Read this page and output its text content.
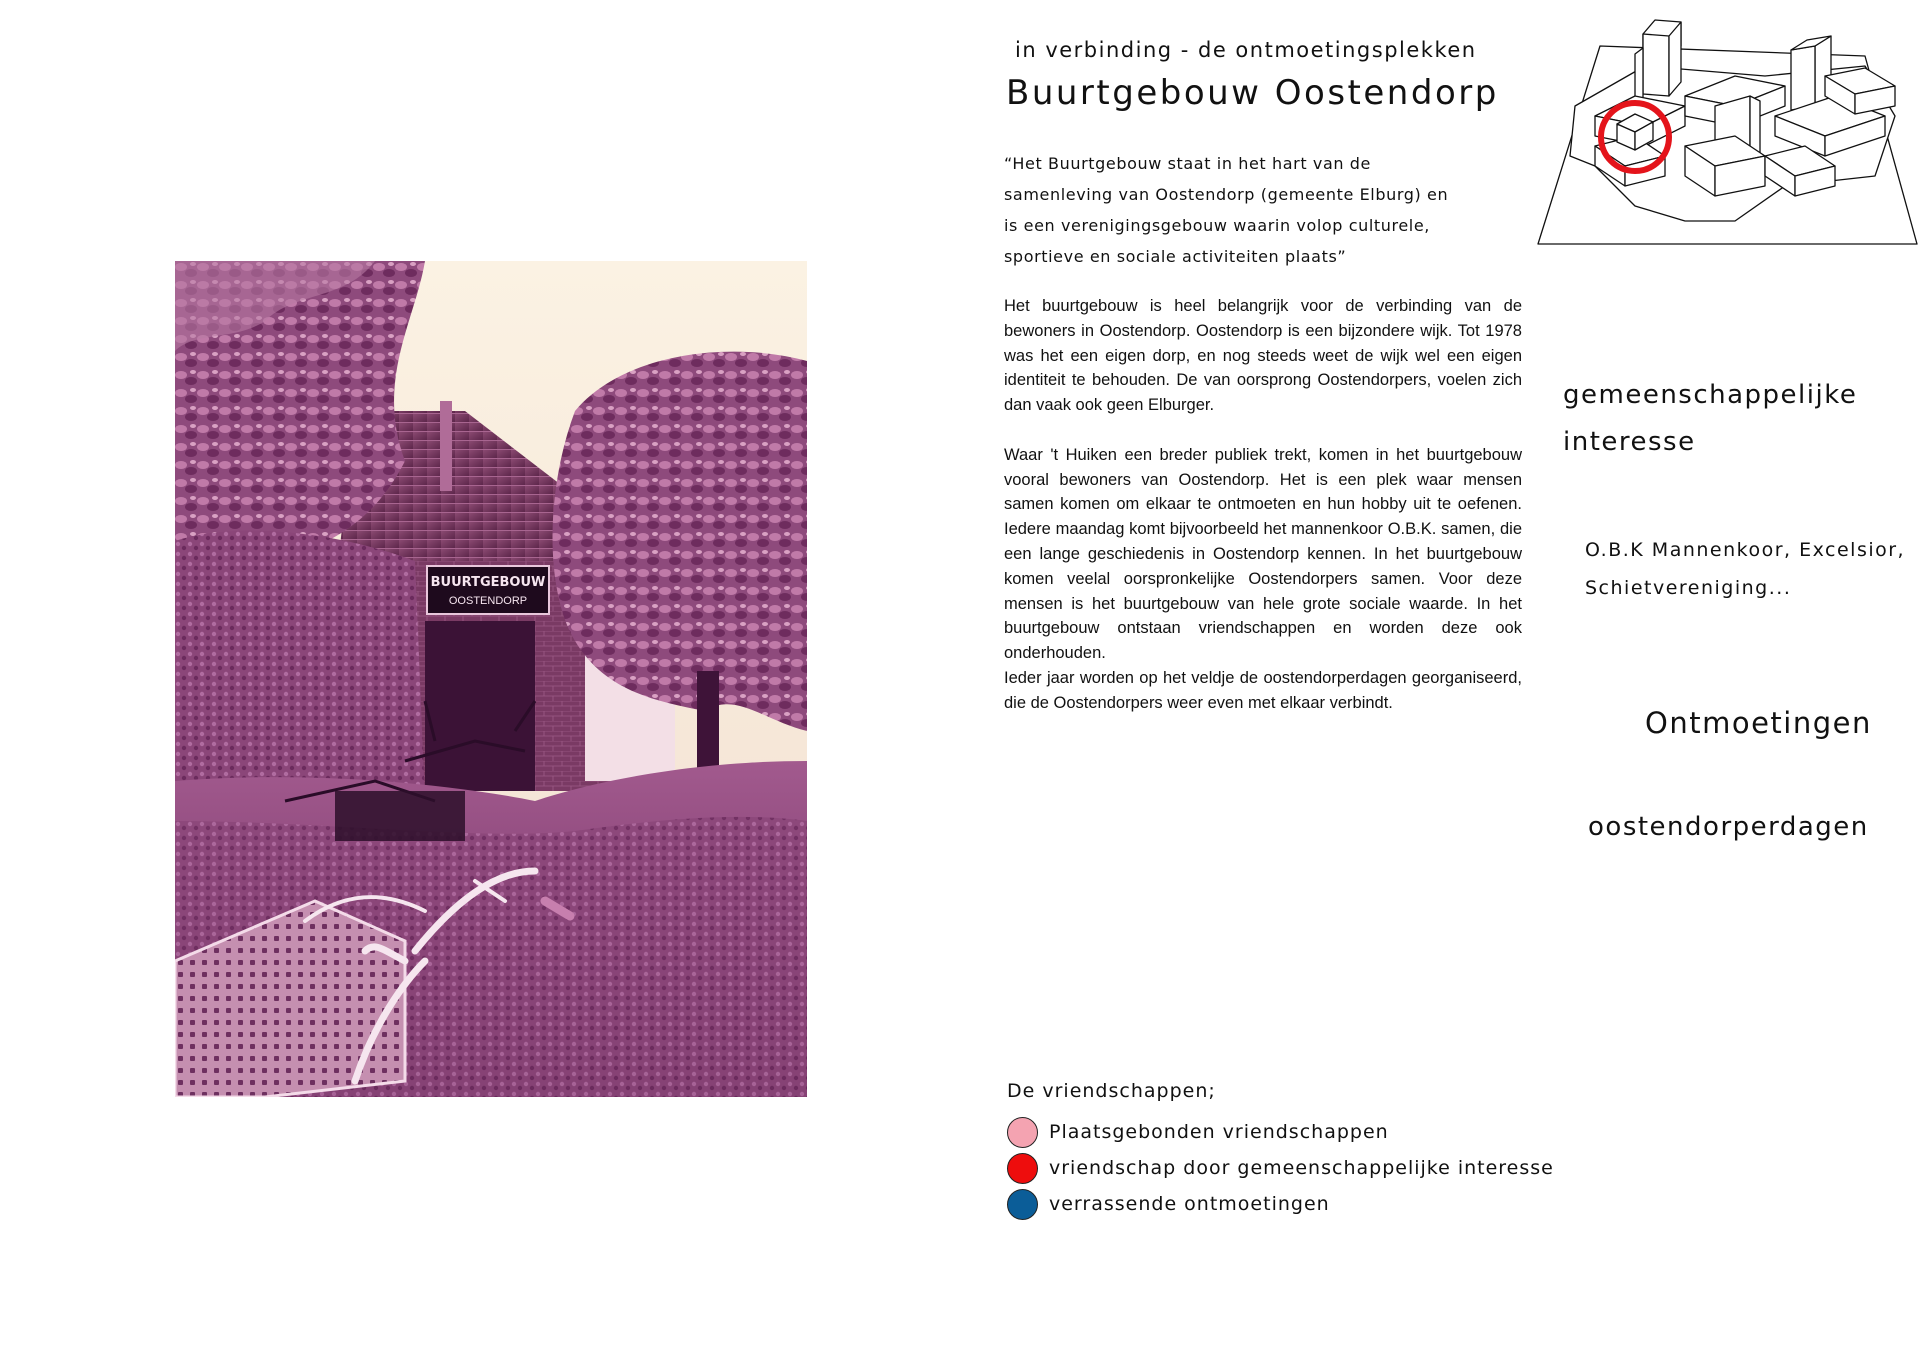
BUURTGEBOUW
OOSTENDORP
in verbinding - de ontmoetingsplekken
Buurtgebouw Oostendorp
“Het Buurtgebouw staat in het hart van de
samenleving van Oostendorp (gemeente Elburg) en
is een verenigingsgebouw waarin volop culturele,
sportieve en sociale activiteiten plaats”

Het buurtgebouw is heel belangrijk voor de verbinding van de bewoners in Oostendorp. Oostendorp is een bijzondere wijk. Tot 1978 was het een eigen dorp, en nog steeds weet de wijk wel een eigen identiteit te behouden. De van oorsprong Oostendorpers, voelen zich dan vaak ook geen Elburger.

Waar 't Huiken een breder publiek trekt, komen in het buurtgebouw vooral bewoners van Oostendorp. Het is een plek waar mensen samen komen om elkaar te ontmoeten en hun hobby uit te oefenen. Iedere maandag komt bijvoorbeeld het mannenkoor O.B.K. samen, die een lange geschiedenis in Oostendorp kennen. In het buurtgebouw komen veelal oorspronkelijke Oostendorpers samen. Voor deze mensen is het buurtgebouw van hele grote sociale waarde. In het buurtgebouw ontstaan vriendschappen en worden deze ook onderhouden.

Ieder jaar worden op het veldje de oostendorperdagen georganiseerd, die de Oostendorpers weer even met elkaar verbindt.

gemeenschappelijke
interesse
O.B.K Mannenkoor, Excelsior,
Schietvereniging...
Ontmoetingen
oostendorperdagen
De vriendschappen;
Plaatsgebonden vriendschappen
vriendschap door gemeenschappelijke interesse
verrassende ontmoetingen
